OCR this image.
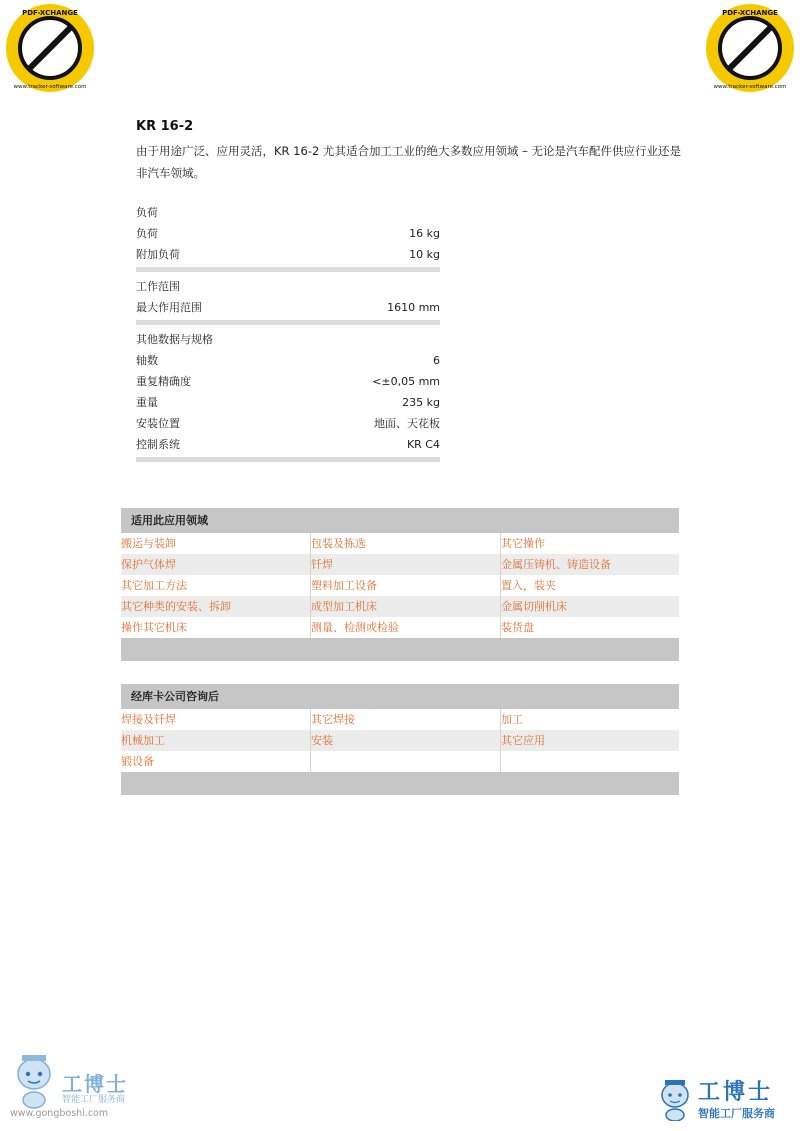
PDF-XCHANGE
www.tracker-software.com
PDF-XCHANGE
www.tracker-software.com
KR 16-2
由于用途广泛、应用灵活，KR 16-2 尤其适合加工工业的绝大多数应用领域 – 无论是汽车配件供应行业还是非汽车领域。
负荷
负荷	16 kg
附加负荷	10 kg
工作范围
最大作用范围	1610 mm
其他数据与规格
轴数	6
重复精确度	<±0,05 mm
重量	235 kg
安装位置	地面、天花板
控制系统	KR C4
适用此应用领域
搬运与装卸	包装及拣选	其它操作
保护气体焊	钎焊	金属压铸机、铸造设备
其它加工方法	塑料加工设备	置入，装夹
其它种类的安装、拆卸	成型加工机床	金属切削机床
操作其它机床	测量、检测或检验	装货盘
经库卡公司咨询后
焊接及钎焊	其它焊接	加工
机械加工	安装	其它应用
锻设备
工博士
智能工厂服务商
www.gongboshi.com
工博士
智能工厂服务商
